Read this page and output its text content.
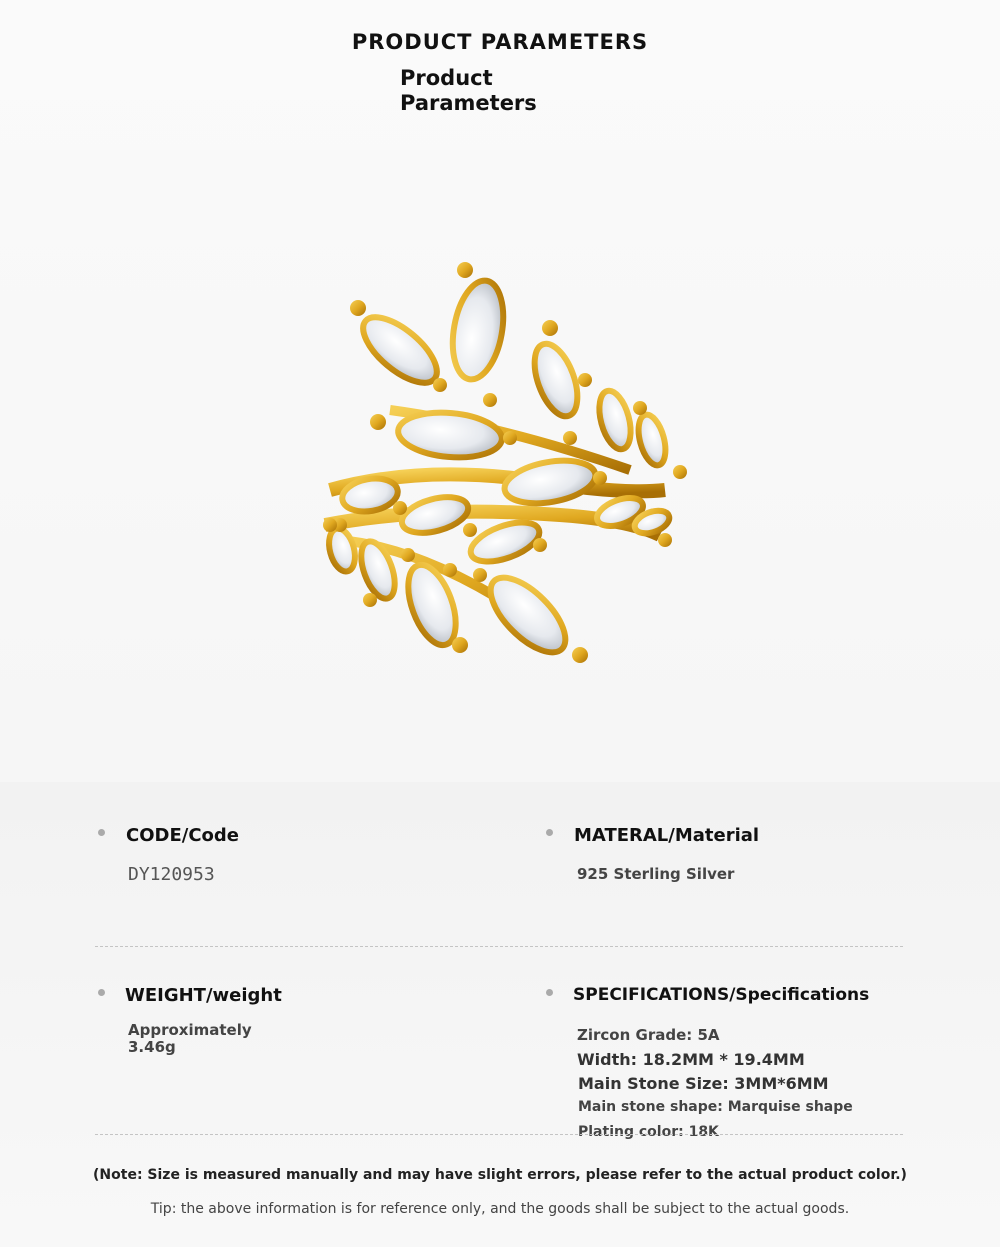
PRODUCT PARAMETERS
Product
Parameters
CODE/Code
DY120953
MATERAL/Material
925 Sterling Silver
WEIGHT/weight
Approximately
3.46g
SPECIFICATIONS/Specifications
Zircon Grade: 5A
Width: 18.2MM * 19.4MM
Main Stone Size: 3MM*6MM
Main stone shape: Marquise shape
Plating color: 18K
(Note: Size is measured manually and may have slight errors, please refer to the actual product color.)
Tip: the above information is for reference only, and the goods shall be subject to the actual goods.
